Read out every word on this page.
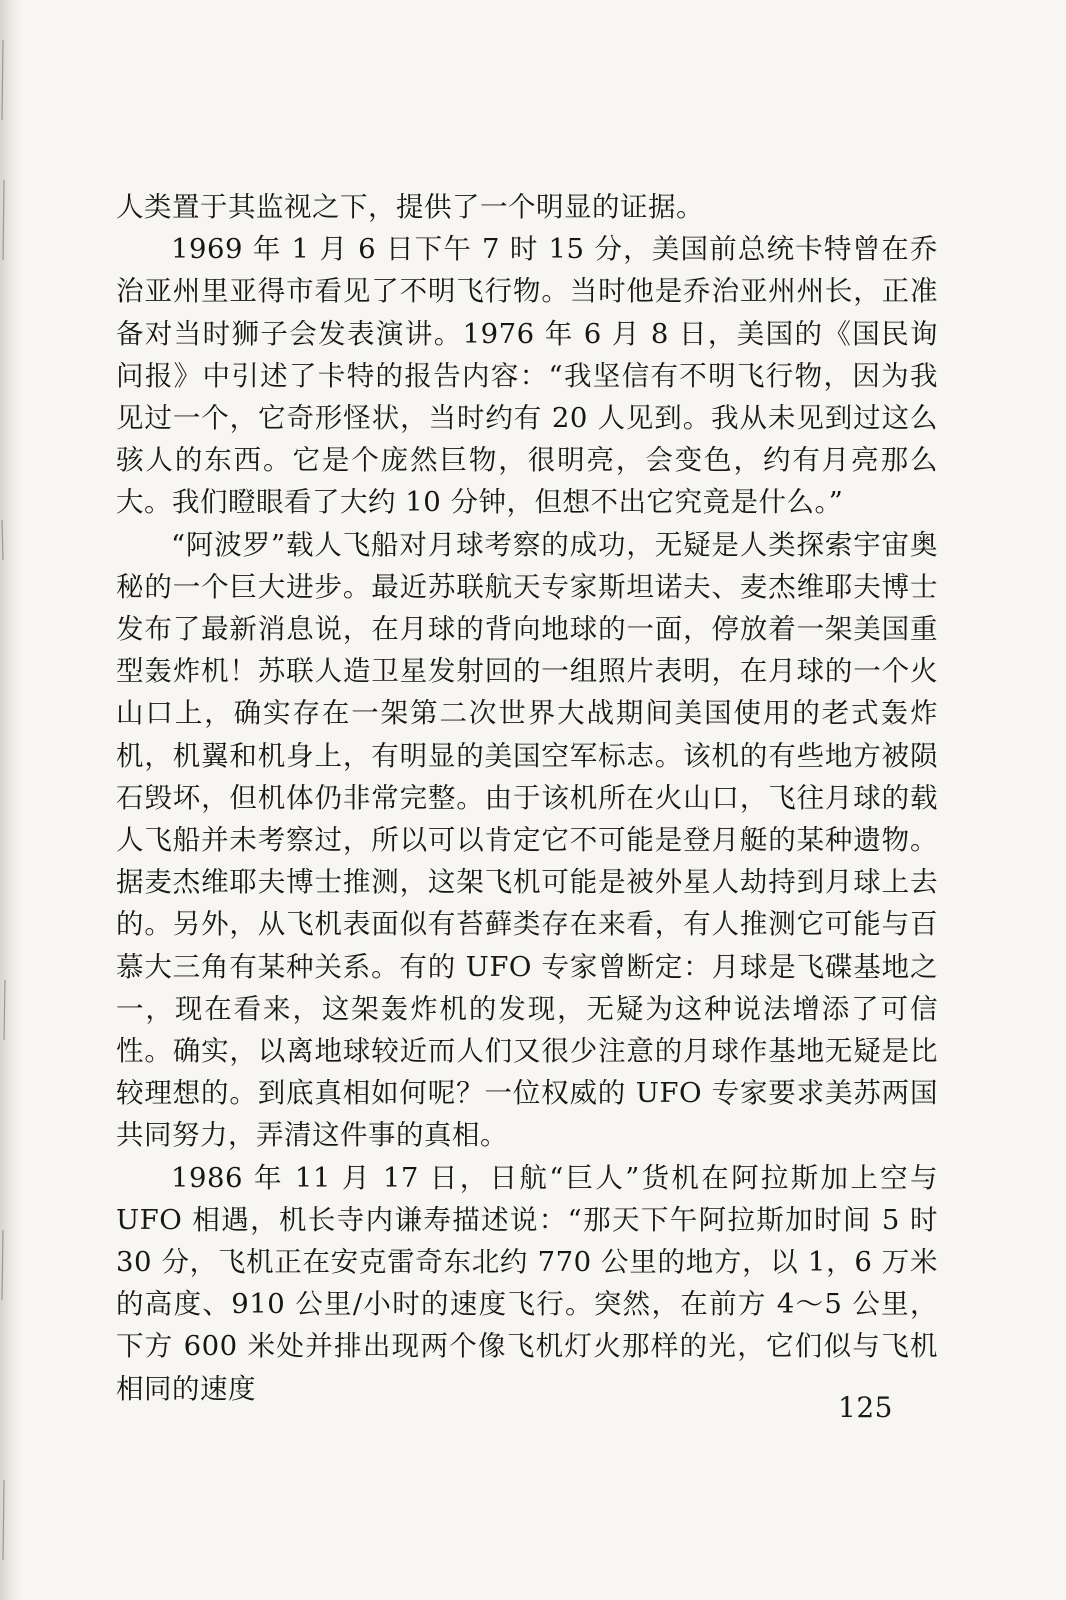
人类置于其监视之下，提供了一个明显的证据。

1969 年 1 月 6 日下午 7 时 15 分，美国前总统卡特曾在乔治亚州里亚得市看见了不明飞行物。当时他是乔治亚州州长，正准备对当时狮子会发表演讲。1976 年 6 月 8 日，美国的《国民询问报》中引述了卡特的报告内容：“我坚信有不明飞行物，因为我见过一个，它奇形怪状，当时约有 20 人见到。我从未见到过这么骇人的东西。它是个庞然巨物，很明亮，会变色，约有月亮那么大。我们瞪眼看了大约 10 分钟，但想不出它究竟是什么。”

“阿波罗”载人飞船对月球考察的成功，无疑是人类探索宇宙奥秘的一个巨大进步。最近苏联航天专家斯坦诺夫、麦杰维耶夫博士发布了最新消息说，在月球的背向地球的一面，停放着一架美国重型轰炸机！苏联人造卫星发射回的一组照片表明，在月球的一个火山口上，确实存在一架第二次世界大战期间美国使用的老式轰炸机，机翼和机身上，有明显的美国空军标志。该机的有些地方被陨石毁坏，但机体仍非常完整。由于该机所在火山口，飞往月球的载人飞船并未考察过，所以可以肯定它不可能是登月艇的某种遗物。据麦杰维耶夫博士推测，这架飞机可能是被外星人劫持到月球上去的。另外，从飞机表面似有苔藓类存在来看，有人推测它可能与百慕大三角有某种关系。有的 UFO 专家曾断定：月球是飞碟基地之一，现在看来，这架轰炸机的发现，无疑为这种说法增添了可信性。确实，以离地球较近而人们又很少注意的月球作基地无疑是比较理想的。到底真相如何呢？一位权威的 UFO 专家要求美苏两国共同努力，弄清这件事的真相。

1986 年 11 月 17 日，日航“巨人”货机在阿拉斯加上空与 UFO 相遇，机长寺内谦寿描述说：“那天下午阿拉斯加时间 5 时 30 分，飞机正在安克雷奇东北约 770 公里的地方，以 1，6 万米的高度、910 公里/小时的速度飞行。突然，在前方 4～5 公里，下方 600 米处并排出现两个像飞机灯火那样的光，它们似与飞机相同的速度

125
